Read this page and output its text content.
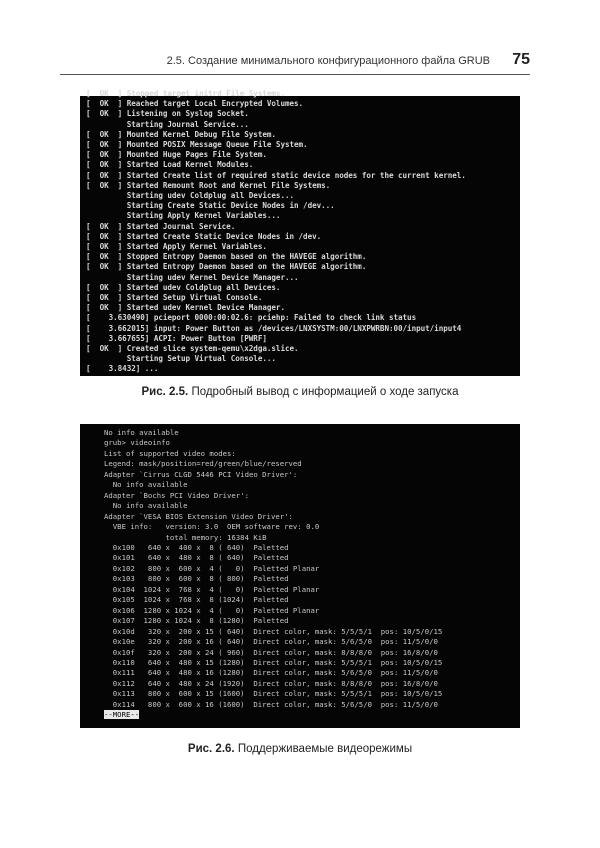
2.5. Создание минимального конфигурационного файла GRUB 75
[  OK  ] Stopped target initrd File Systems.
[  OK  ] Reached target Local Encrypted Volumes.
[  OK  ] Listening on Syslog Socket.
Starting Journal Service...
[  OK  ] Mounted Kernel Debug File System.
[  OK  ] Mounted POSIX Message Queue File System.
[  OK  ] Mounted Huge Pages File System.
[  OK  ] Started Load Kernel Modules.
[  OK  ] Started Create list of required static device nodes for the current kernel.
[  OK  ] Started Remount Root and Kernel File Systems.
Starting udev Coldplug all Devices...
Starting Create Static Device Nodes in /dev...
Starting Apply Kernel Variables...
[  OK  ] Started Journal Service.
[  OK  ] Started Create Static Device Nodes in /dev.
[  OK  ] Started Apply Kernel Variables.
[  OK  ] Stopped Entropy Daemon based on the HAVEGE algorithm.
[  OK  ] Started Entropy Daemon based on the HAVEGE algorithm.
Starting udev Kernel Device Manager...
[  OK  ] Started udev Coldplug all Devices.
[  OK  ] Started Setup Virtual Console.
[  OK  ] Started udev Kernel Device Manager.
[    3.630490] pcieport 0000:00:02.6: pciehp: Failed to check link status
[    3.662015] input: Power Button as /devices/LNXSYSTM:00/LNXPWRBN:00/input/input4
[    3.667655] ACPI: Power Button [PWRF]
[  OK  ] Created slice system-qemu\x2dga.slice.
Starting Setup Virtual Console...
[    3.8432] ...
Рис. 2.5. Подробный вывод с информацией о ходе запуска
No info available
grub> videoinfo
List of supported video modes:
Legend: mask/position=red/green/blue/reserved
Adapter `Cirrus CLGD 5446 PCI Video Driver':
No info available
Adapter `Bochs PCI Video Driver':
No info available
Adapter `VESA BIOS Extension Video Driver':
VBE info:   version: 3.0  OEM software rev: 0.0
total memory: 16384 KiB
0x100   640 x  400 x  8 ( 640)  Paletted
0x101   640 x  480 x  8 ( 640)  Paletted
0x102   800 x  600 x  4 (   0)  Paletted Planar
0x103   800 x  600 x  8 ( 800)  Paletted
0x104  1024 x  768 x  4 (   0)  Paletted Planar
0x105  1024 x  768 x  8 (1024)  Paletted
0x106  1280 x 1024 x  4 (   0)  Paletted Planar
0x107  1280 x 1024 x  8 (1280)  Paletted
0x10d   320 x  200 x 15 ( 640)  Direct color, mask: 5/5/5/1  pos: 10/5/0/15
0x10e   320 x  200 x 16 ( 640)  Direct color, mask: 5/6/5/0  pos: 11/5/0/0
0x10f   320 x  200 x 24 ( 960)  Direct color, mask: 8/8/8/0  pos: 16/8/0/0
0x110   640 x  480 x 15 (1280)  Direct color, mask: 5/5/5/1  pos: 10/5/0/15
0x111   640 x  480 x 16 (1280)  Direct color, mask: 5/6/5/0  pos: 11/5/0/0
0x112   640 x  480 x 24 (1920)  Direct color, mask: 8/8/8/0  pos: 16/8/0/0
0x113   800 x  600 x 15 (1600)  Direct color, mask: 5/5/5/1  pos: 10/5/0/15
0x114   800 x  600 x 16 (1600)  Direct color, mask: 5/6/5/0  pos: 11/5/0/0
--MORE--
Рис. 2.6. Поддерживаемые видеорежимы
